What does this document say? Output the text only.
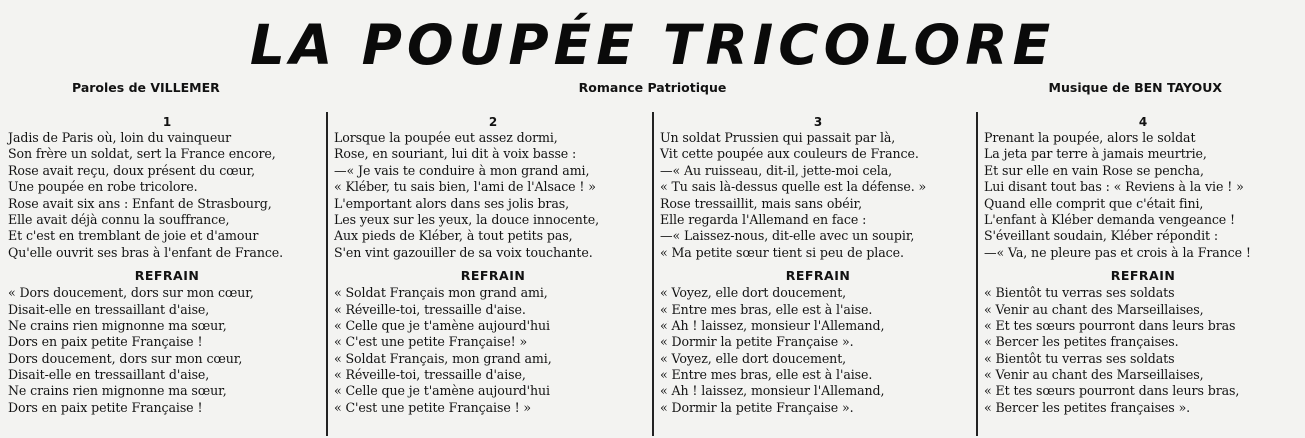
LA POUPÉE TRICOLORE
Paroles de VILLEMER	Romance Patriotique	Musique de BEN TAYOUX
1
Jadis de Paris où, loin du vainqueur
Son frère un soldat, sert la France encore,
Rose avait reçu, doux présent du cœur,
Une poupée en robe tricolore.
Rose avait six ans : Enfant de Strasbourg,
Elle avait déjà connu la souffrance,
Et c'est en tremblant de joie et d'amour
Qu'elle ouvrit ses bras à l'enfant de France.
REFRAIN
« Dors doucement, dors sur mon cœur,
Disait-elle en tressaillant d'aise,
Ne crains rien mignonne ma sœur,
Dors en paix petite Française !
Dors doucement, dors sur mon cœur,
Disait-elle en tressaillant d'aise,
Ne crains rien mignonne ma sœur,
Dors en paix petite Française !
2
Lorsque la poupée eut assez dormi,
Rose, en souriant, lui dit à voix basse :
—« Je vais te conduire à mon grand ami,
« Kléber, tu sais bien, l'ami de l'Alsace ! »
L'emportant alors dans ses jolis bras,
Les yeux sur les yeux, la douce innocente,
Aux pieds de Kléber, à tout petits pas,
S'en vint gazouiller de sa voix touchante.
REFRAIN
« Soldat Français mon grand ami,
« Réveille-toi, tressaille d'aise.
« Celle que je t'amène aujourd'hui
« C'est une petite Française! »
« Soldat Français, mon grand ami,
« Réveille-toi, tressaille d'aise,
« Celle que je t'amène aujourd'hui
« C'est une petite Française ! »
3
Un soldat Prussien qui passait par là,
Vit cette poupée aux couleurs de France.
—« Au ruisseau, dit-il, jette-moi cela,
« Tu sais là-dessus quelle est la défense. »
Rose tressaillit, mais sans obéir,
Elle regarda l'Allemand en face :
—« Laissez-nous, dit-elle avec un soupir,
« Ma petite sœur tient si peu de place.
REFRAIN
« Voyez, elle dort doucement,
« Entre mes bras, elle est à l'aise.
« Ah ! laissez, monsieur l'Allemand,
« Dormir la petite Française ».
« Voyez, elle dort doucement,
« Entre mes bras, elle est à l'aise.
« Ah ! laissez, monsieur l'Allemand,
« Dormir la petite Française ».
4
Prenant la poupée, alors le soldat
La jeta par terre à jamais meurtrie,
Et sur elle en vain Rose se pencha,
Lui disant tout bas : « Reviens à la vie ! »
Quand elle comprit que c'était fini,
L'enfant à Kléber demanda vengeance !
S'éveillant soudain, Kléber répondit :
—« Va, ne pleure pas et crois à la France !
REFRAIN
« Bientôt tu verras ses soldats
« Venir au chant des Marseillaises,
« Et tes sœurs pourront dans leurs bras
« Bercer les petites françaises.
« Bientôt tu verras ses soldats
« Venir au chant des Marseillaises,
« Et tes sœurs pourront dans leurs bras,
« Bercer les petites françaises ».
